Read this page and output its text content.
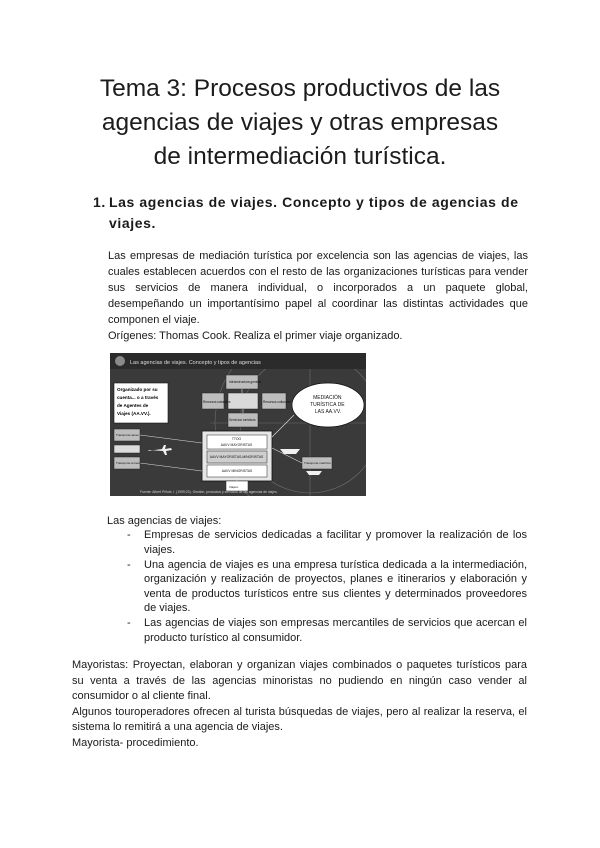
Tema 3: Procesos productivos de las
agencias de viajes y otras empresas
de intermediación turística.
1. Las agencias de viajes. Concepto y tipos de agencias de
viajes.
Las empresas de mediación turística por excelencia son las agencias de viajes, las
cuales establecen acuerdos con el resto de las organizaciones turísticas para vender
sus servicios de manera individual, o incorporados a un paquete global,
desempeñando un importantísimo papel al coordinar las distintas actividades que
componen el viaje.
Orígenes: Thomas Cook. Realiza el primer viaje organizado.
Las agencias de viajes. Concepto y tipos de agencias
Organizado por su cuenta... o a través de Agentes de Viajes (AA.VV.).
Infraestructura general Recursos naturales	Recursos culturales Servicios turísticos
TTOO AAVV MAYORISTAS AAVV MAYORISTAS-MINORISTAS AAVV MINORISTAS
Transporte aéreo Transporte terrestre	Transporte marítimo
Viajero
MEDIACIÓN TURÍSTICA DE LAS AA.VV.
Fuente: Albert Piñole, I. (1999:23). Gestión, productos y servicios de las agencias de viajes.
Las agencias de viajes:
- Empresas de servicios dedicadas a facilitar y promover la realización de los
viajes.
- Una agencia de viajes es una empresa turística dedicada a la intermediación,
organización y realización de proyectos, planes e itinerarios y elaboración y
venta de productos turísticos entre sus clientes y determinados proveedores
de viajes.
- Las agencias de viajes son empresas mercantiles de servicios que acercan el
producto turístico al consumidor.
Mayoristas: Proyectan, elaboran y organizan viajes combinados o paquetes turísticos para
su venta a través de las agencias minoristas no pudiendo en ningún caso vender al
consumidor o al cliente final.
Algunos touroperadores ofrecen al turista búsquedas de viajes, pero al realizar la reserva, el
sistema lo remitirá a una agencia de viajes.
Mayorista- procedimiento.
